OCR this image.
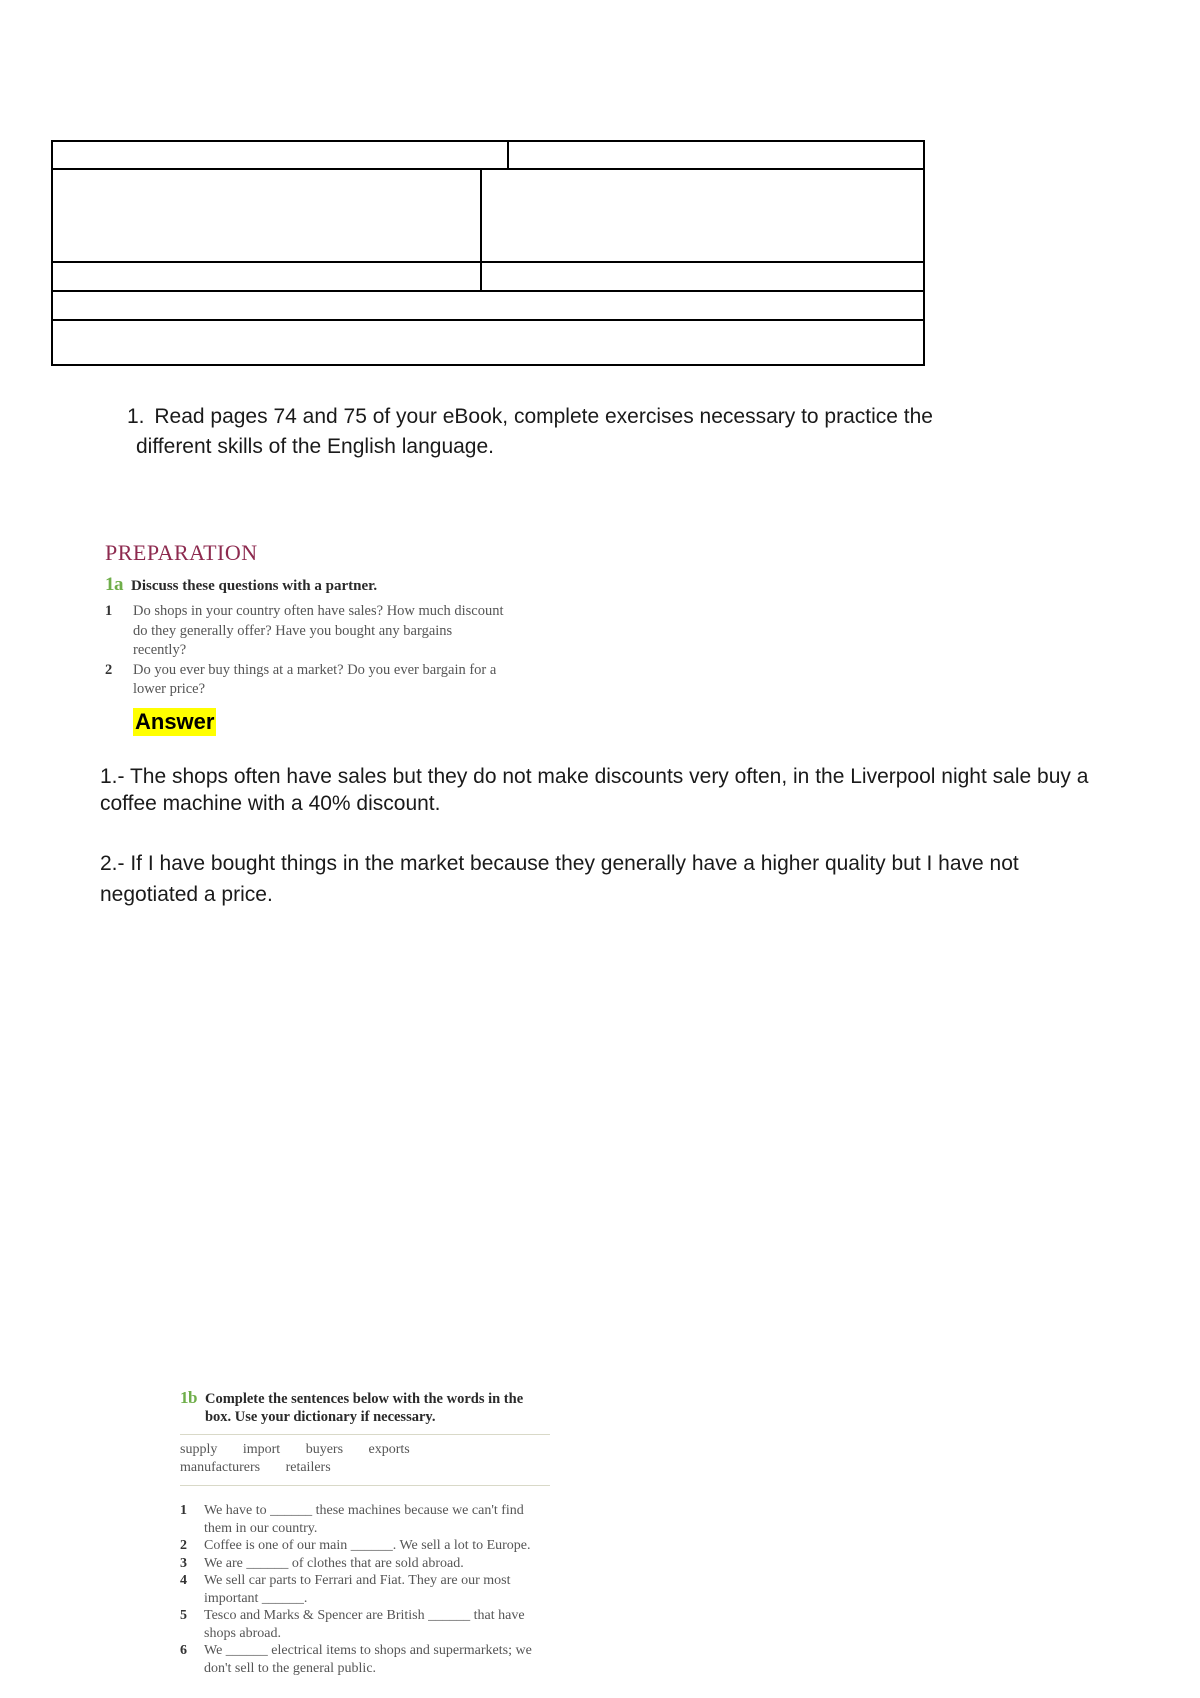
1. Read pages 74 and 75 of your eBook, complete exercises necessary to practice the
different skills of the English language.
PREPARATION
1a Discuss these questions with a partner.
1	Do shops in your country often have sales? How much discount do they generally offer? Have you bought any bargains recently?
2	Do you ever buy things at a market? Do you ever bargain for a lower price?
Answer
1.- The shops often have sales but they do not make discounts very often, in the Liverpool night sale buy a coffee machine with a 40% discount.
2.- If I have bought things in the market because they generally have a higher quality but I have not negotiated a price.
1b Complete the sentences below with the words in the box. Use your dictionary if necessary.
supply import buyers exports
manufacturers retailers
1	We have to ______ these machines because we can't find them in our country.
2	Coffee is one of our main ______. We sell a lot to Europe.
3	We are ______ of clothes that are sold abroad.
4	We sell car parts to Ferrari and Fiat. They are our most important ______.
5	Tesco and Marks & Spencer are British ______ that have shops abroad.
6	We ______ electrical items to shops and supermarkets; we don't sell to the general public.
